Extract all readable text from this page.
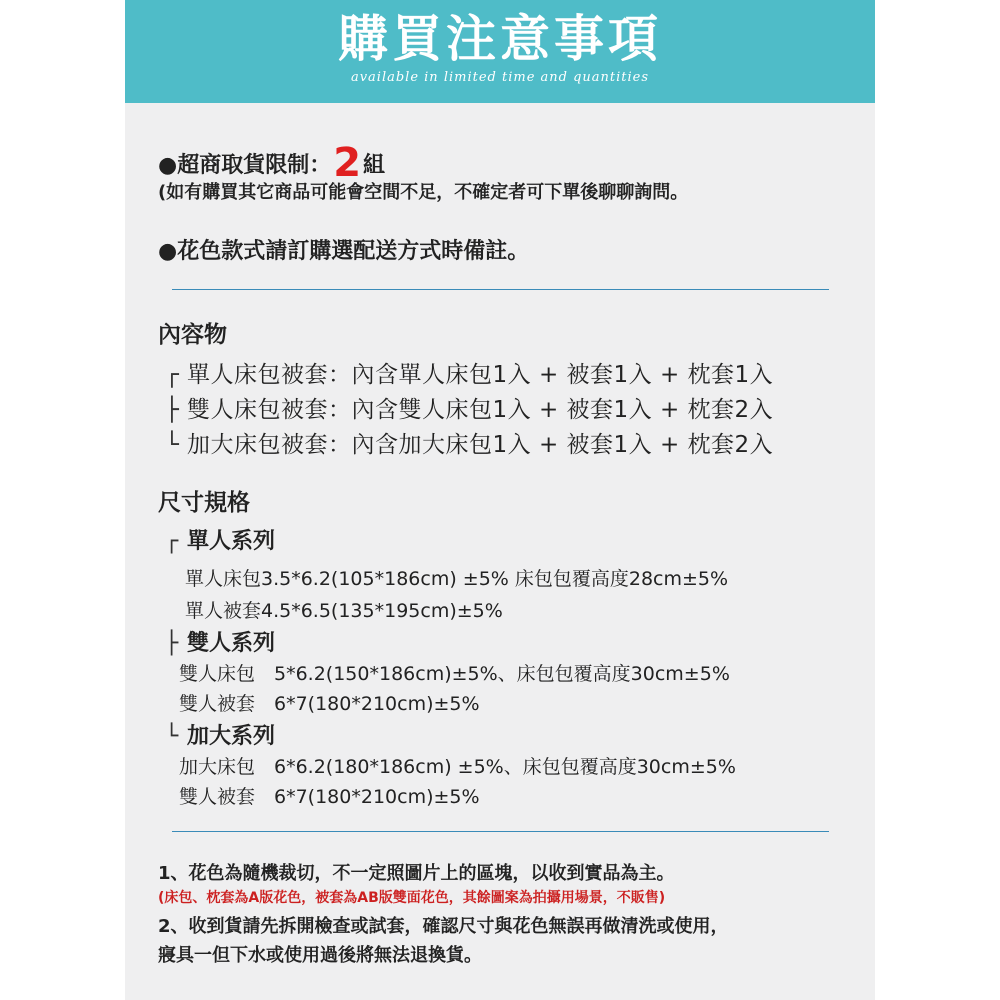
購買注意事項
available in limited time and quantities
●超商取貨限制：2組
(如有購買其它商品可能會空間不足，不確定者可下單後聊聊詢問。
●花色款式請訂購選配送方式時備註。
內容物
┌ 單人床包被套：內含單人床包1入 + 被套1入 + 枕套1入
├ 雙人床包被套：內含雙人床包1入 + 被套1入 + 枕套2入
└ 加大床包被套：內含加大床包1入 + 被套1入 + 枕套2入
尺寸規格
┌ 單人系列
單人床包3.5*6.2(105*186cm) ±5% 床包包覆高度28cm±5%
單人被套4.5*6.5(135*195cm)±5%
├ 雙人系列
雙人床包　5*6.2(150*186cm)±5%、床包包覆高度30cm±5%
雙人被套　6*7(180*210cm)±5%
└ 加大系列
加大床包　6*6.2(180*186cm) ±5%、床包包覆高度30cm±5%
雙人被套　6*7(180*210cm)±5%
1、花色為隨機裁切，不一定照圖片上的區塊，以收到實品為主。
(床包、枕套為A版花色，被套為AB版雙面花色，其餘圖案為拍攝用場景，不販售)
2、收到貨請先拆開檢查或試套，確認尺寸與花色無誤再做清洗或使用，
寢具一但下水或使用過後將無法退換貨。
